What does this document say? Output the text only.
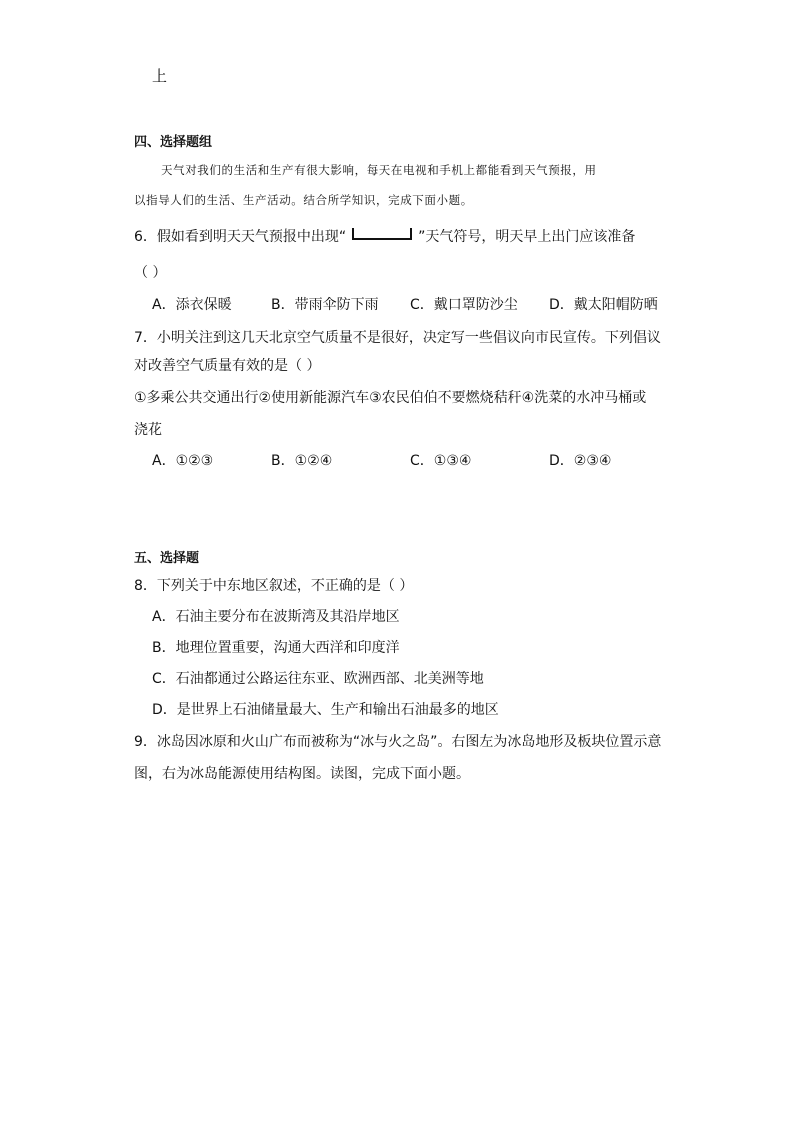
上
四、选择题组
天气对我们的生活和生产有很大影响，每天在电视和手机上都能看到天气预报，用
以指导人们的生活、生产活动。结合所学知识，完成下面小题。
6．假如看到明天天气预报中出现“	”天气符号，明天早上出门应该准备
（ ）
A．添衣保暖	B．带雨伞防下雨 C．戴口罩防沙尘 D．戴太阳帽防晒
7．小明关注到这几天北京空气质量不是很好，决定写一些倡议向市民宣传。下列倡议
对改善空气质量有效的是（ ）
①多乘公共交通出行②使用新能源汽车③农民伯伯不要燃烧秸秆④洗菜的水冲马桶或
浇花
A．①②③	B．①②④	C．①③④	D．②③④
五、选择题
8．下列关于中东地区叙述，不正确的是（ ）
A．石油主要分布在波斯湾及其沿岸地区
B．地理位置重要，沟通大西洋和印度洋
C．石油都通过公路运往东亚、欧洲西部、北美洲等地
D．是世界上石油储量最大、生产和输出石油最多的地区
9．冰岛因冰原和火山广布而被称为“冰与火之岛”。右图左为冰岛地形及板块位置示意
图，右为冰岛能源使用结构图。读图，完成下面小题。
